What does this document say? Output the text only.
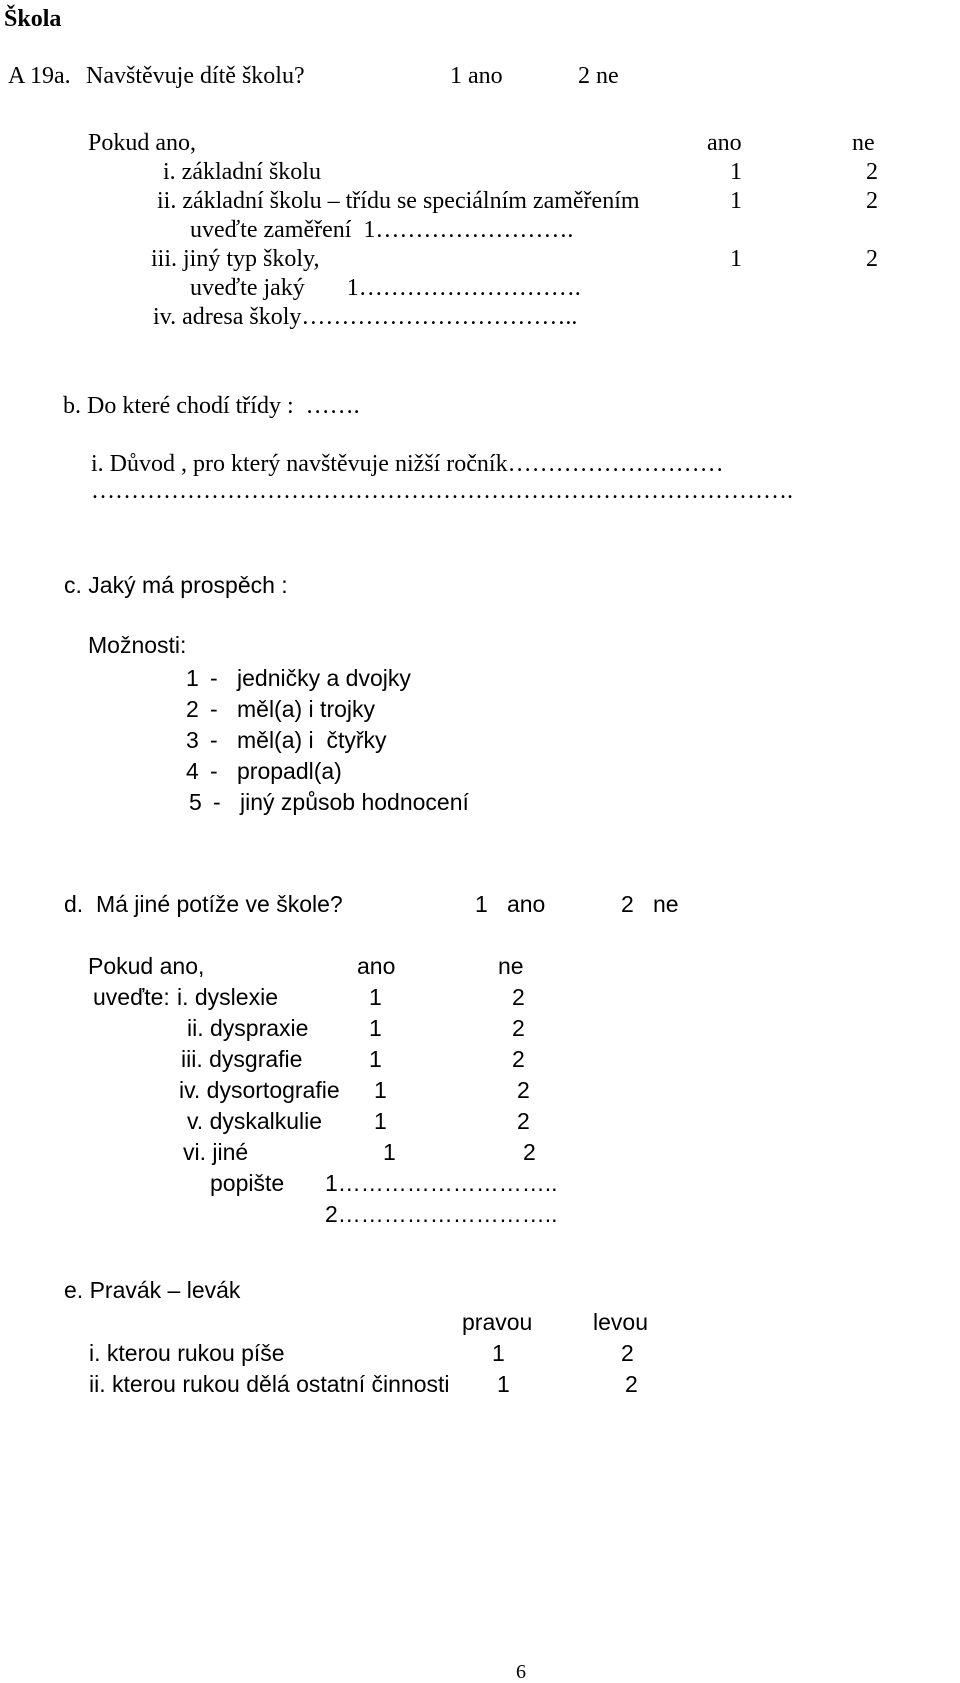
Škola
A 19a. Navštěvuje dítě školu?	1 ano	2 ne
Pokud ano,	ano	ne
i. základní školu	1	2
ii. základní školu – třídu se speciálním zaměřením	1	2
uveďte zaměření  1…………………….
iii. jiný typ školy,	1	2
uveďte jaký       1……………………….
iv. adresa školy……………………………..
b. Do které chodí třídy :  …….
i. Důvod , pro který navštěvuje nižší ročník………………………
…………………………………………………………………………….
c. Jaký má prospěch :
Možnosti:
1 - jedničky a dvojky
2 - měl(a) i trojky
3 - měl(a) i  čtyřky
4 - propadl(a)
5 - jiný způsob hodnocení
d.  Má jiné potíže ve škole?	1   ano	2   ne
Pokud ano,	ano	ne
uveďte: i. dyslexie	1	2
ii. dyspraxie	1	2
iii. dysgrafie	1	2
iv. dysortografie 1	2
v. dyskalkulie 1	2
vi. jiné	1	2
popište 1………………………..
2………………………..
e. Pravák – levák
pravou	levou
i. kterou rukou píše	1	2
ii. kterou rukou dělá ostatní činnosti 1	2
6
